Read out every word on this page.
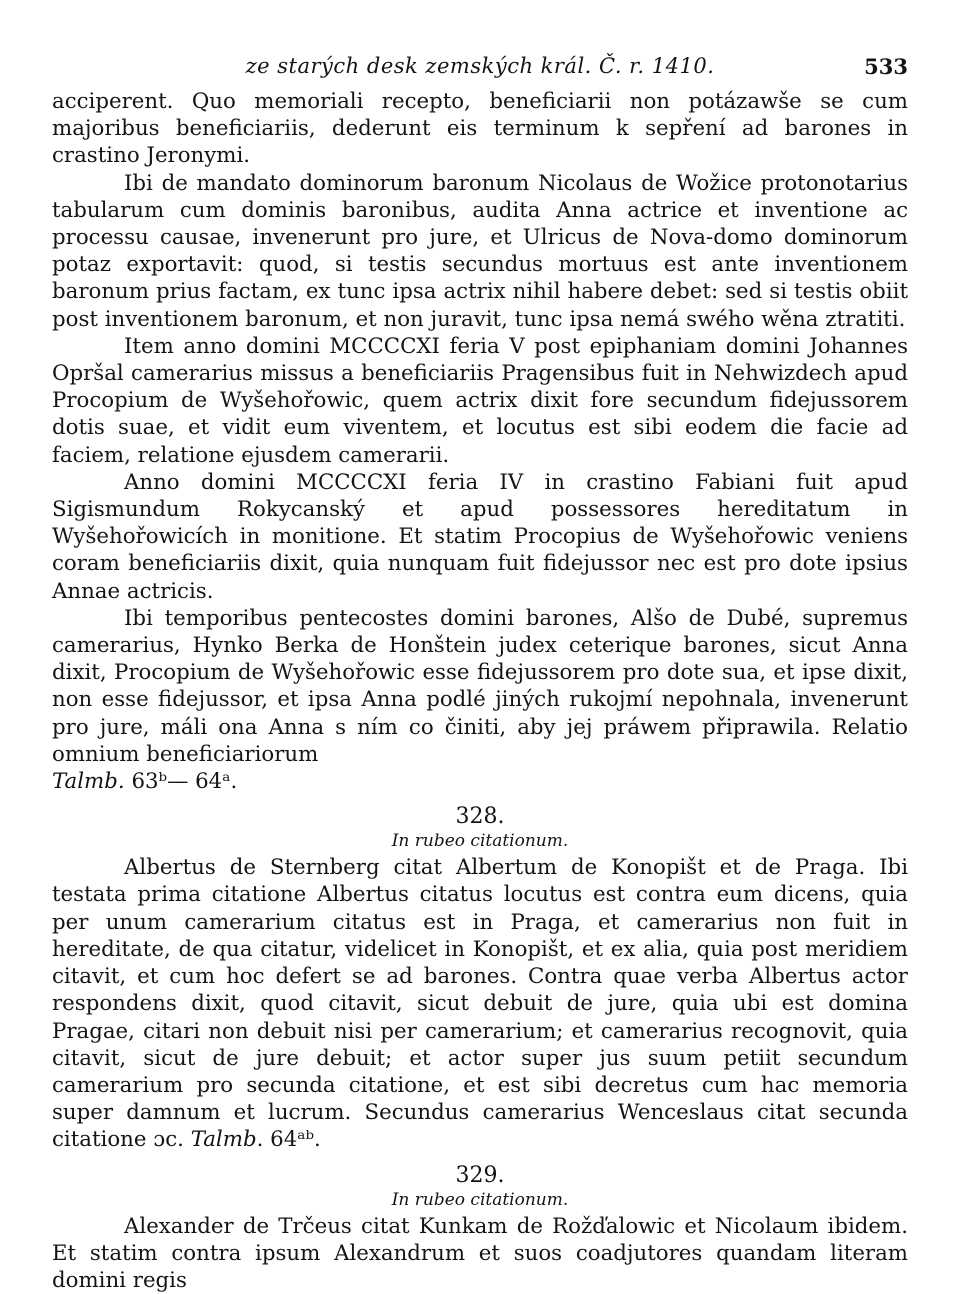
ze starých desk zemských král. Č. r. 1410.	533

acciperent. Quo memoriali recepto, beneficiarii non potázawše se cum majoribus beneficiariis, dederunt eis terminum k sepření ad barones in crastino Jeronymi.

Ibi de mandato dominorum baronum Nicolaus de Wožice protonotarius tabularum cum dominis baronibus, audita Anna actrice et inventione ac processu causae, invenerunt pro jure, et Ulricus de Nova-domo dominorum potaz exportavit: quod, si testis secundus mortuus est ante inventionem baronum prius factam, ex tunc ipsa actrix nihil habere debet: sed si testis obiit post inventionem baronum, et non juravit, tunc ipsa nemá swého wěna ztratiti.

Item anno domini MCCCCXI feria V post epiphaniam domini Johannes Opršal camerarius missus a beneficiariis Pragensibus fuit in Nehwizdech apud Procopium de Wyšehořowic, quem actrix dixit fore secundum fidejussorem dotis suae, et vidit eum viventem, et locutus est sibi eodem die facie ad faciem, relatione ejusdem camerarii.

Anno domini MCCCCXI feria IV in crastino Fabiani fuit apud Sigismundum Rokycanský et apud possessores hereditatum in Wyšehořowicích in monitione. Et statim Procopius de Wyšehořowic veniens coram beneficiariis dixit, quia nunquam fuit fidejussor nec est pro dote ipsius Annae actricis.

Ibi temporibus pentecostes domini barones, Alšo de Dubé, supremus camerarius, Hynko Berka de Honštein judex ceterique barones, sicut Anna dixit, Procopium de Wyšehořowic esse fidejussorem pro dote sua, et ipse dixit, non esse fidejussor, et ipsa Anna podlé jiných rukojmí nepohnala, invenerunt pro jure, máli ona Anna s ním co činiti, aby jej práwem připrawila. Relatio omnium beneficiariorum
Talmb. 63ᵇ— 64ᵃ.

328.
In rubeo citationum.

Albertus de Sternberg citat Albertum de Konopišt et de Praga. Ibi testata prima citatione Albertus citatus locutus est contra eum dicens, quia per unum camerarium citatus est in Praga, et camerarius non fuit in hereditate, de qua citatur, videlicet in Konopišt, et ex alia, quia post meridiem citavit, et cum hoc defert se ad barones. Contra quae verba Albertus actor respondens dixit, quod citavit, sicut debuit de jure, quia ubi est domina Pragae, citari non debuit nisi per camerarium; et camerarius recognovit, quia citavit, sicut de jure debuit; et actor super jus suum petiit secundum camerarium pro secunda citatione, et est sibi decretus cum hac memoria super damnum et lucrum. Secundus camerarius Wenceslaus citat secunda citatione ɔc. Talmb. 64ᵃᵇ.

329.
In rubeo citationum.

Alexander de Trčeus citat Kunkam de Rožďalowic et Nicolaum ibidem. Et statim contra ipsum Alexandrum et suos coadjutores quandam literam domini regis
